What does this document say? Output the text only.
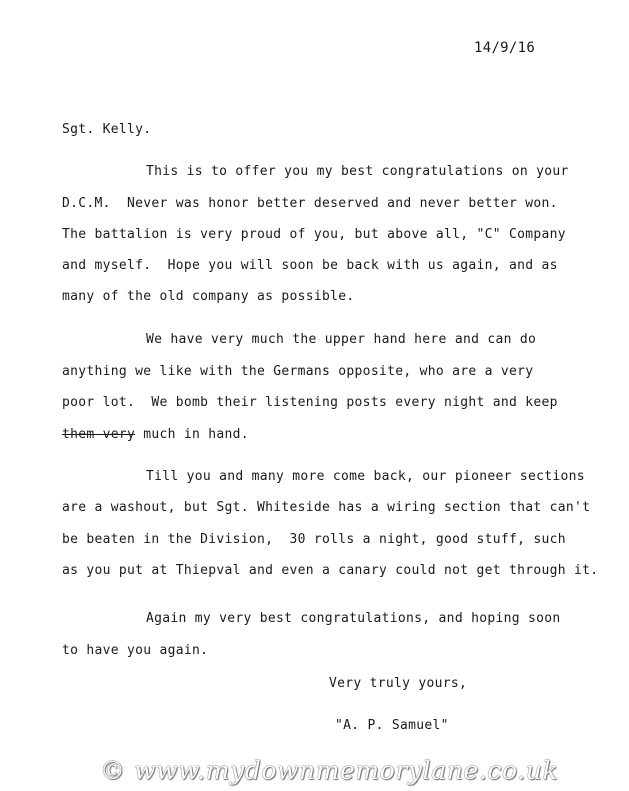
14/9/16
Sgt. Kelly.
This is to offer you my best congratulations on your
D.C.M.  Never was honor better deserved and never better won.
The battalion is very proud of you, but above all, "C" Company
and myself.  Hope you will soon be back with us again, and as
many of the old company as possible.
We have very much the upper hand here and can do
anything we like with the Germans opposite, who are a very
poor lot.  We bomb their listening posts every night and keep
them very much in hand.
Till you and many more come back, our pioneer sections
are a washout, but Sgt. Whiteside has a wiring section that can't
be beaten in the Division,  30 rolls a night, good stuff, such
as you put at Thiepval and even a canary could not get through it.
Again my very best congratulations, and hoping soon
to have you again.
Very truly yours,
"A. P. Samuel"
© www.mydownmemorylane.co.uk
